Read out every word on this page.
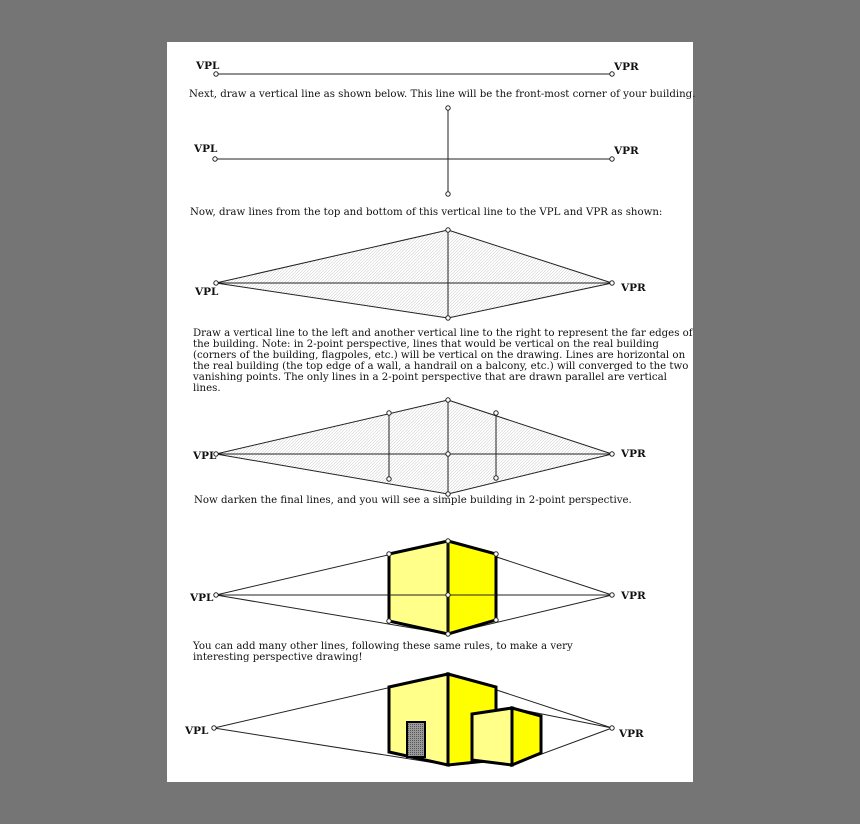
VPL	VPR
VPL	VPR
VPL	VPR
VPL	VPR
VPL	VPR
VPL	VPR
Next, draw a vertical line as shown below. This line will be the front-most corner of your building.
Now, draw lines from the top and bottom of this vertical line to the VPL and VPR as shown:
Draw a vertical line to the left and another vertical line to the right to represent the far edges of the building. Note: in 2-point perspective, lines that would be vertical on the real building (corners of the building, flagpoles, etc.) will be vertical on the drawing. Lines are horizontal on the real building (the top edge of a wall, a handrail on a balcony, etc.) will converged to the two vanishing points. The only lines in a 2-point perspective that are drawn parallel are vertical lines.
Now darken the final lines, and you will see a simple building in 2-point perspective.
You can add many other lines, following these same rules, to make a very interesting perspective drawing!
